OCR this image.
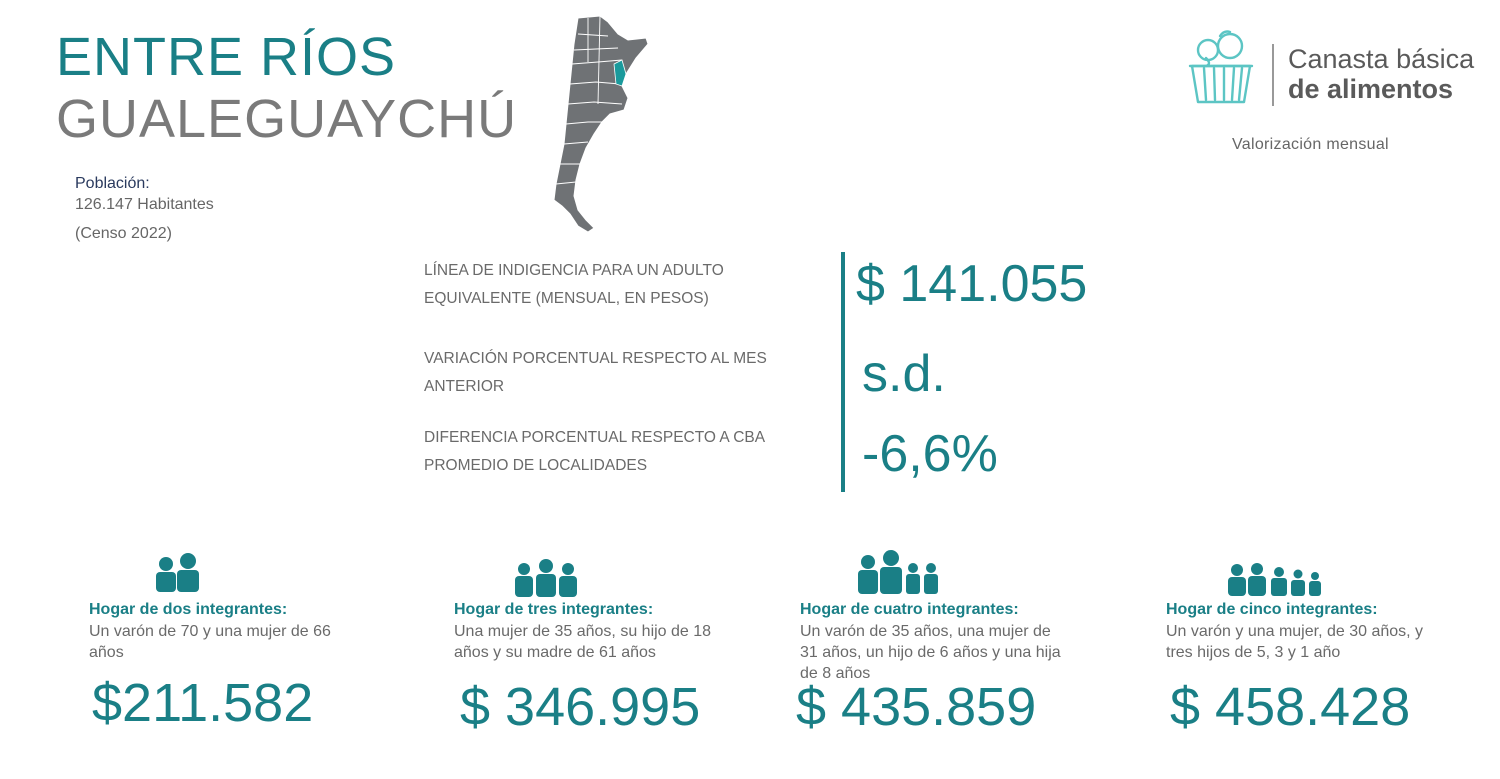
ENTRE RÍOS
GUALEGUAYCHÚ
Población:
126.147 Habitantes
(Censo 2022)
Canasta básica
de alimentos
Valorización mensual
LÍNEA DE INDIGENCIA PARA UN ADULTO EQUIVALENTE (MENSUAL, EN PESOS)	$ 141.055
VARIACIÓN PORCENTUAL RESPECTO AL MES ANTERIOR	s.d.
DIFERENCIA PORCENTUAL RESPECTO A CBA PROMEDIO DE LOCALIDADES	-6,6%
Hogar de dos integrantes:
Un varón de 70 y una mujer de 66 años
$211.582
Hogar de tres integrantes:
Una mujer de 35 años, su hijo de 18 años y su madre de 61 años
$ 346.995
Hogar de cuatro integrantes:
Un varón de 35 años, una mujer de 31 años, un hijo de 6 años y una hija de 8 años
$ 435.859
Hogar de cinco integrantes:
Un varón y una mujer, de 30 años, y tres hijos de 5, 3 y 1 año
$ 458.428
